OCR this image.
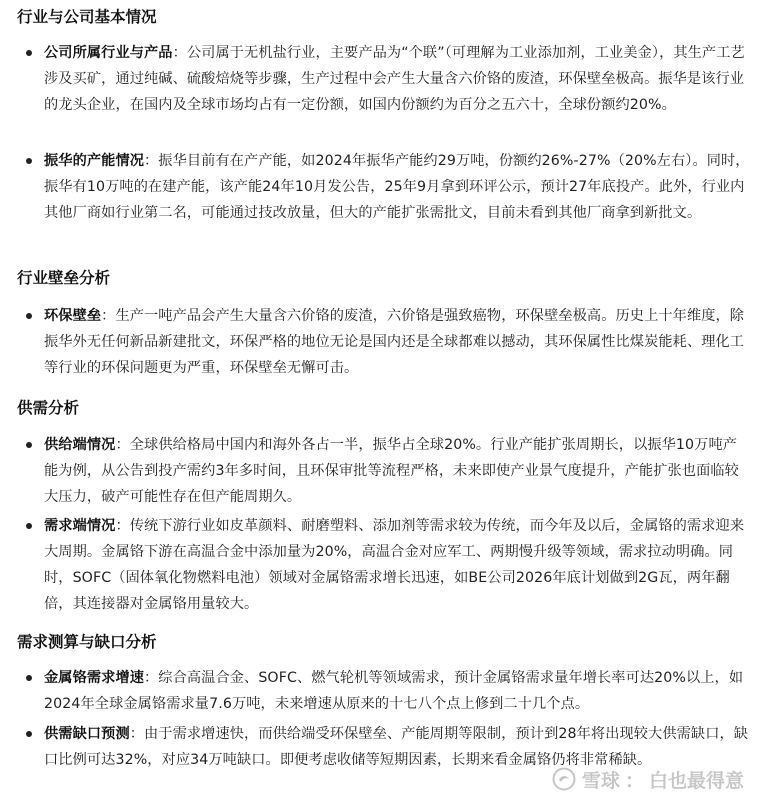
行业与公司基本情况
公司所属行业与产品：公司属于无机盐行业，主要产品为“个联”（可理解为工业添加剂，工业美金），其生产工艺涉及买矿，通过纯碱、硫酸焙烧等步骤，生产过程中会产生大量含六价铬的废渣，环保壁垒极高。振华是该行业的龙头企业，在国内及全球市场均占有一定份额，如国内份额约为百分之五六十，全球份额约20%。
振华的产能情况：振华目前有在产产能，如2024年振华产能约29万吨，份额约26%-27%（20%左右）。同时，振华有10万吨的在建产能，该产能24年10月发公告，25年9月拿到环评公示，预计27年底投产。此外，行业内其他厂商如行业第二名，可能通过技改放量，但大的产能扩张需批文，目前未看到其他厂商拿到新批文。
行业壁垒分析
环保壁垒：生产一吨产品会产生大量含六价铬的废渣，六价铬是强致癌物，环保壁垒极高。历史上十年维度，除振华外无任何新品新建批文，环保严格的地位无论是国内还是全球都难以撼动，其环保属性比煤炭能耗、理化工等行业的环保问题更为严重，环保壁垒无懈可击。
供需分析
供给端情况：全球供给格局中国内和海外各占一半，振华占全球20%。行业产能扩张周期长，以振华10万吨产能为例，从公告到投产需约3年多时间，且环保审批等流程严格，未来即使产业景气度提升，产能扩张也面临较大压力，破产可能性存在但产能周期久。
需求端情况：传统下游行业如皮革颜料、耐磨塑料、添加剂等需求较为传统，而今年及以后，金属铬的需求迎来大周期。金属铬下游在高温合金中添加量为20%，高温合金对应军工、两期慢升级等领域，需求拉动明确。同时，SOFC（固体氧化物燃料电池）领域对金属铬需求增长迅速，如BE公司2026年底计划做到2G瓦，两年翻倍，其连接器对金属铬用量较大。
需求测算与缺口分析
金属铬需求增速：综合高温合金、SOFC、燃气轮机等领域需求，预计金属铬需求量年增长率可达20%以上，如2024年全球金属铬需求量7.6万吨，未来增速从原来的十七八个点上修到二十几个点。
供需缺口预测：由于需求增速快，而供给端受环保壁垒、产能周期等限制，预计到28年将出现较大供需缺口，缺口比例可达32%，对应34万吨缺口。即便考虑收储等短期因素，长期来看金属铬仍将非常稀缺。
雪球 ： 白也最得意
